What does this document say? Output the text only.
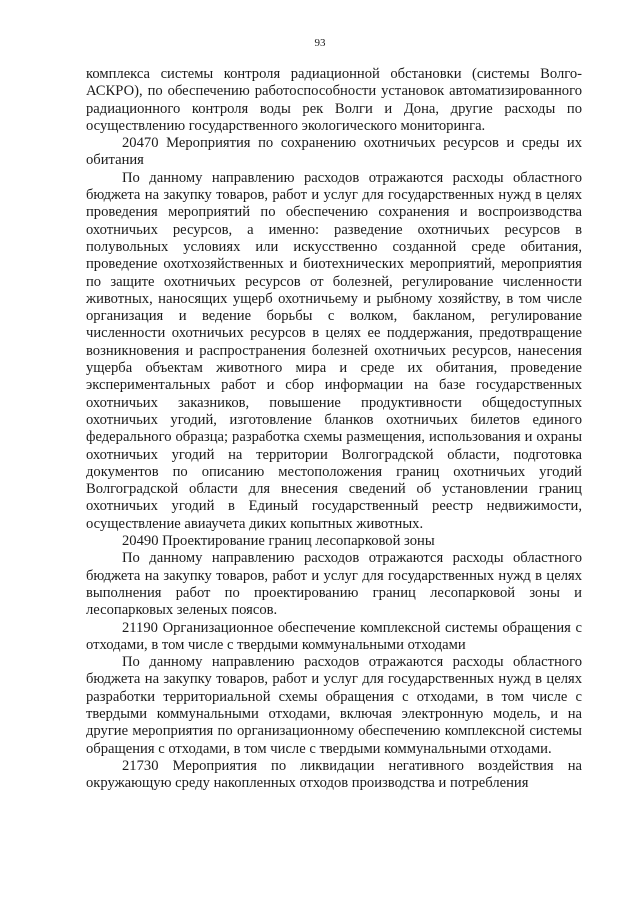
93

комплекса системы контроля радиационной обстановки (системы Волго-АСКРО), по обеспечению работоспособности установок автоматизированного радиационного контроля воды рек Волги и Дона, другие расходы по осуществлению государственного экологического мониторинга.

20470 Мероприятия по сохранению охотничьих ресурсов и среды их обитания

По данному направлению расходов отражаются расходы областного бюджета на закупку товаров, работ и услуг для государственных нужд в целях проведения мероприятий по обеспечению сохранения и воспроизводства охотничьих ресурсов, а именно: разведение охотничьих ресурсов в полувольных условиях или искусственно созданной среде обитания, проведение охотхозяйственных и биотехнических мероприятий, мероприятия по защите охотничьих ресурсов от болезней, регулирование численности животных, наносящих ущерб охотничьему и рыбному хозяйству, в том числе организация и ведение борьбы с волком, бакланом, регулирование численности охотничьих ресурсов в целях ее поддержания, предотвращение возникновения и распространения болезней охотничьих ресурсов, нанесения ущерба объектам животного мира и среде их обитания, проведение экспериментальных работ и сбор информации на базе государственных охотничьих заказников, повышение продуктивности общедоступных охотничьих угодий, изготовление бланков охотничьих билетов единого федерального образца; разработка схемы размещения, использования и охраны охотничьих угодий на территории Волгоградской области, подготовка документов по описанию местоположения границ охотничьих угодий Волгоградской области для внесения сведений об установлении границ охотничьих угодий в Единый государственный реестр недвижимости, осуществление авиаучета диких копытных животных.

20490 Проектирование границ лесопарковой зоны

По данному направлению расходов отражаются расходы областного бюджета на закупку товаров, работ и услуг для государственных нужд в целях выполнения работ по проектированию границ лесопарковой зоны и лесопарковых зеленых поясов.

21190 Организационное обеспечение комплексной системы обращения с отходами, в том числе с твердыми коммунальными отходами

По данному направлению расходов отражаются расходы областного бюджета на закупку товаров, работ и услуг для государственных нужд в целях разработки территориальной схемы обращения с отходами, в том числе с твердыми коммунальными отходами, включая электронную модель, и на другие мероприятия по организационному обеспечению комплексной системы обращения с отходами, в том числе с твердыми коммунальными отходами.

21730 Мероприятия по ликвидации негативного воздействия на окружающую среду накопленных отходов производства и потребления
